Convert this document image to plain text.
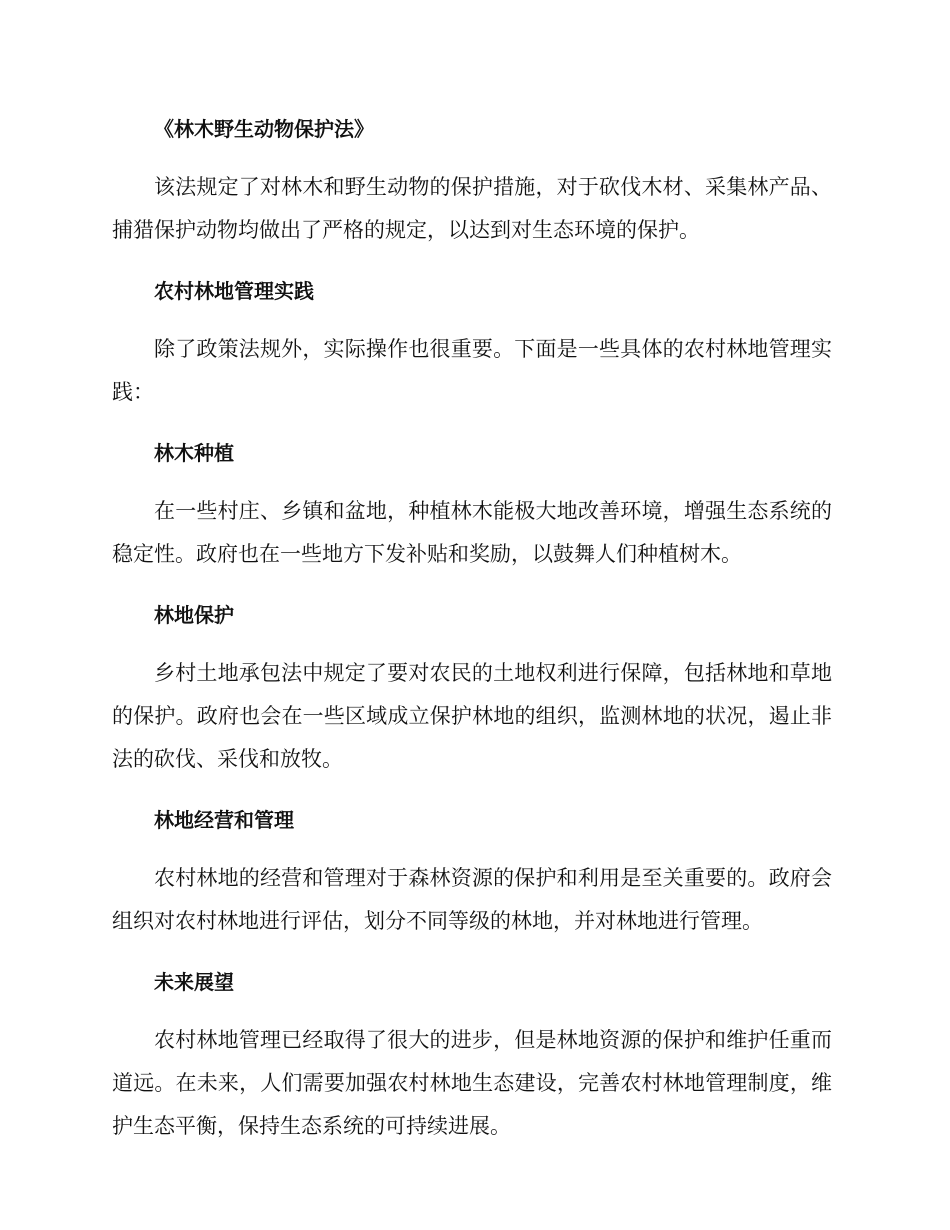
《林木野生动物保护法》

该法规定了对林木和野生动物的保护措施，对于砍伐木材、采集林产品、捕猎保护动物均做出了严格的规定，以达到对生态环境的保护。

农村林地管理实践

除了政策法规外，实际操作也很重要。下面是一些具体的农村林地管理实践：

林木种植

在一些村庄、乡镇和盆地，种植林木能极大地改善环境，增强生态系统的稳定性。政府也在一些地方下发补贴和奖励，以鼓舞人们种植树木。

林地保护

乡村土地承包法中规定了要对农民的土地权利进行保障，包括林地和草地的保护。政府也会在一些区域成立保护林地的组织，监测林地的状况，遏止非法的砍伐、采伐和放牧。

林地经营和管理

农村林地的经营和管理对于森林资源的保护和利用是至关重要的。政府会组织对农村林地进行评估，划分不同等级的林地，并对林地进行管理。

未来展望

农村林地管理已经取得了很大的进步，但是林地资源的保护和维护任重而道远。在未来，人们需要加强农村林地生态建设，完善农村林地管理制度，维护生态平衡，保持生态系统的可持续进展。
